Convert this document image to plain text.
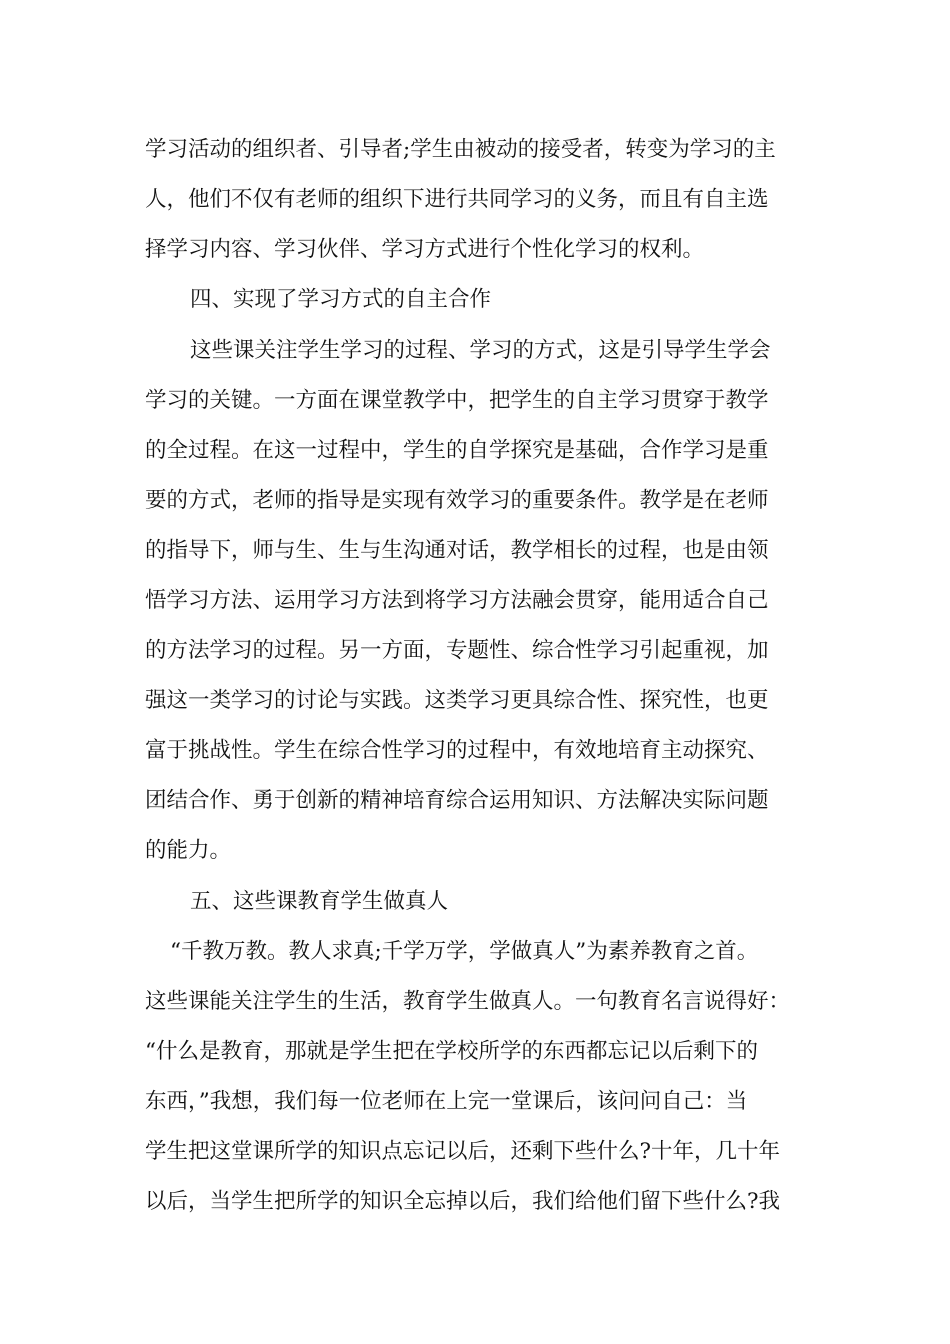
学习活动的组织者、引导者;学生由被动的接受者，转变为学习的主
人，他们不仅有老师的组织下进行共同学习的义务，而且有自主选
择学习内容、学习伙伴、学习方式进行个性化学习的权利。
四、实现了学习方式的自主合作
这些课关注学生学习的过程、学习的方式，这是引导学生学会
学习的关键。一方面在课堂教学中，把学生的自主学习贯穿于教学
的全过程。在这一过程中，学生的自学探究是基础，合作学习是重
要的方式，老师的指导是实现有效学习的重要条件。教学是在老师
的指导下，师与生、生与生沟通对话，教学相长的过程，也是由领
悟学习方法、运用学习方法到将学习方法融会贯穿，能用适合自己
的方法学习的过程。另一方面，专题性、综合性学习引起重视，加
强这一类学习的讨论与实践。这类学习更具综合性、探究性，也更
富于挑战性。学生在综合性学习的过程中，有效地培育主动探究、
团结合作、勇于创新的精神培育综合运用知识、方法解决实际问题
的能力。
五、这些课教育学生做真人
“千教万教。教人求真;千学万学，学做真人”为素养教育之首。
这些课能关注学生的生活，教育学生做真人。一句教育名言说得好：
“什么是教育，那就是学生把在学校所学的东西都忘记以后剩下的
东西，”我想，我们每一位老师在上完一堂课后，该问问自己：当
学生把这堂课所学的知识点忘记以后，还剩下些什么?十年，几十年
以后，当学生把所学的知识全忘掉以后，我们给他们留下些什么?我
